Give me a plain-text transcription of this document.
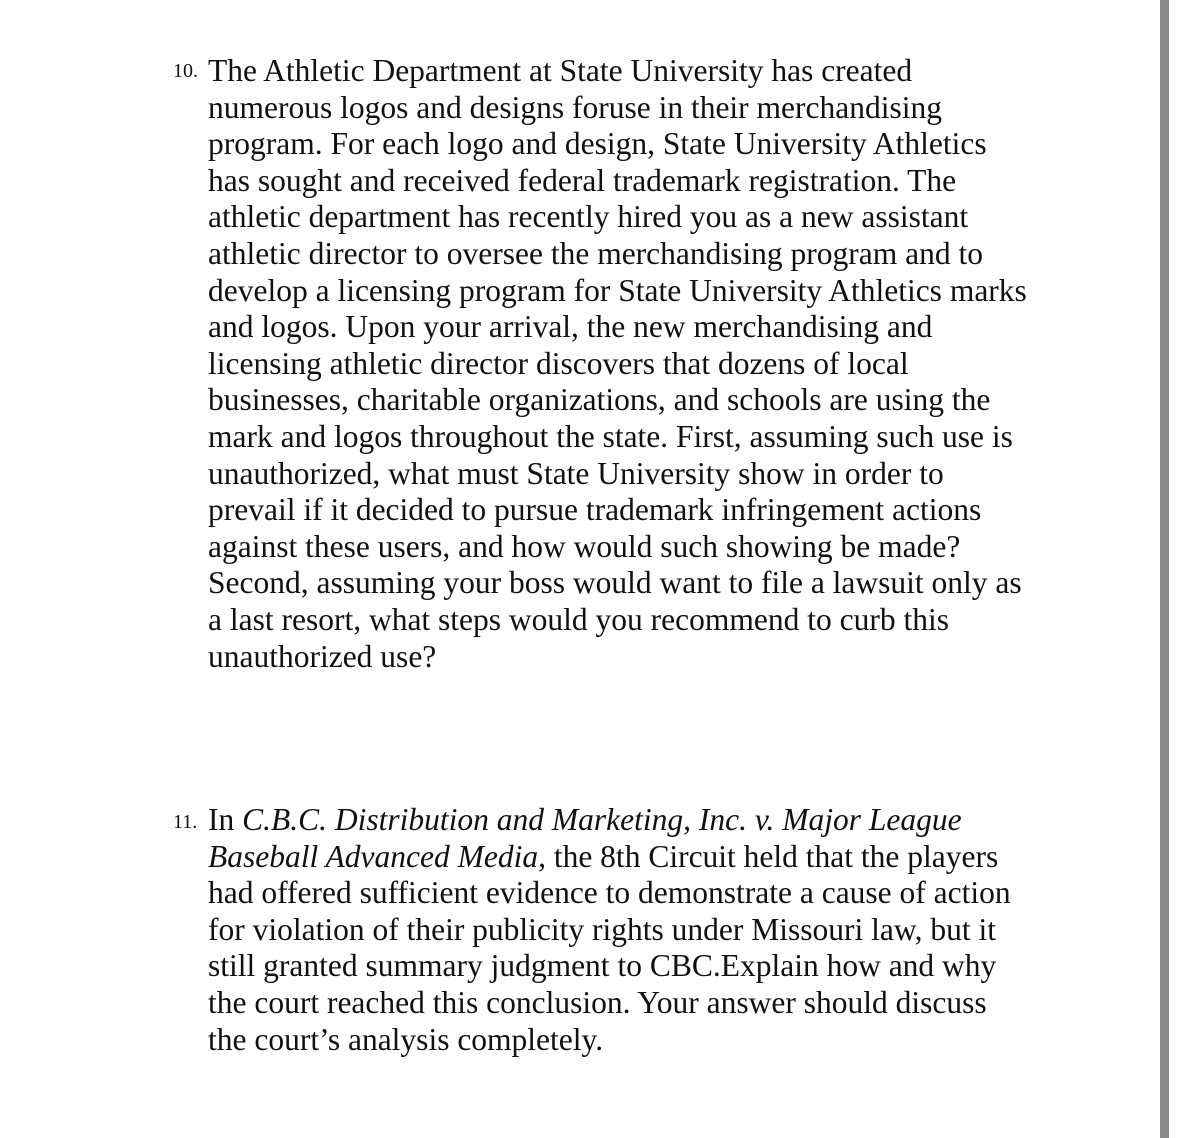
10. The Athletic Department at State University has created
numerous logos and designs foruse in their merchandising
program. For each logo and design, State University Athletics
has sought and received federal trademark registration. The
athletic department has recently hired you as a new assistant
athletic director to oversee the merchandising program and to
develop a licensing program for State University Athletics marks
and logos. Upon your arrival, the new merchandising and
licensing athletic director discovers that dozens of local
businesses, charitable organizations, and schools are using the
mark and logos throughout the state. First, assuming such use is
unauthorized, what must State University show in order to
prevail if it decided to pursue trademark infringement actions
against these users, and how would such showing be made?
Second, assuming your boss would want to file a lawsuit only as
a last resort, what steps would you recommend to curb this
unauthorized use?
11. In C.B.C. Distribution and Marketing, Inc. v. Major League
Baseball Advanced Media, the 8th Circuit held that the players
had offered sufficient evidence to demonstrate a cause of action
for violation of their publicity rights under Missouri law, but it
still granted summary judgment to CBC.Explain how and why
the court reached this conclusion. Your answer should discuss
the court’s analysis completely.
